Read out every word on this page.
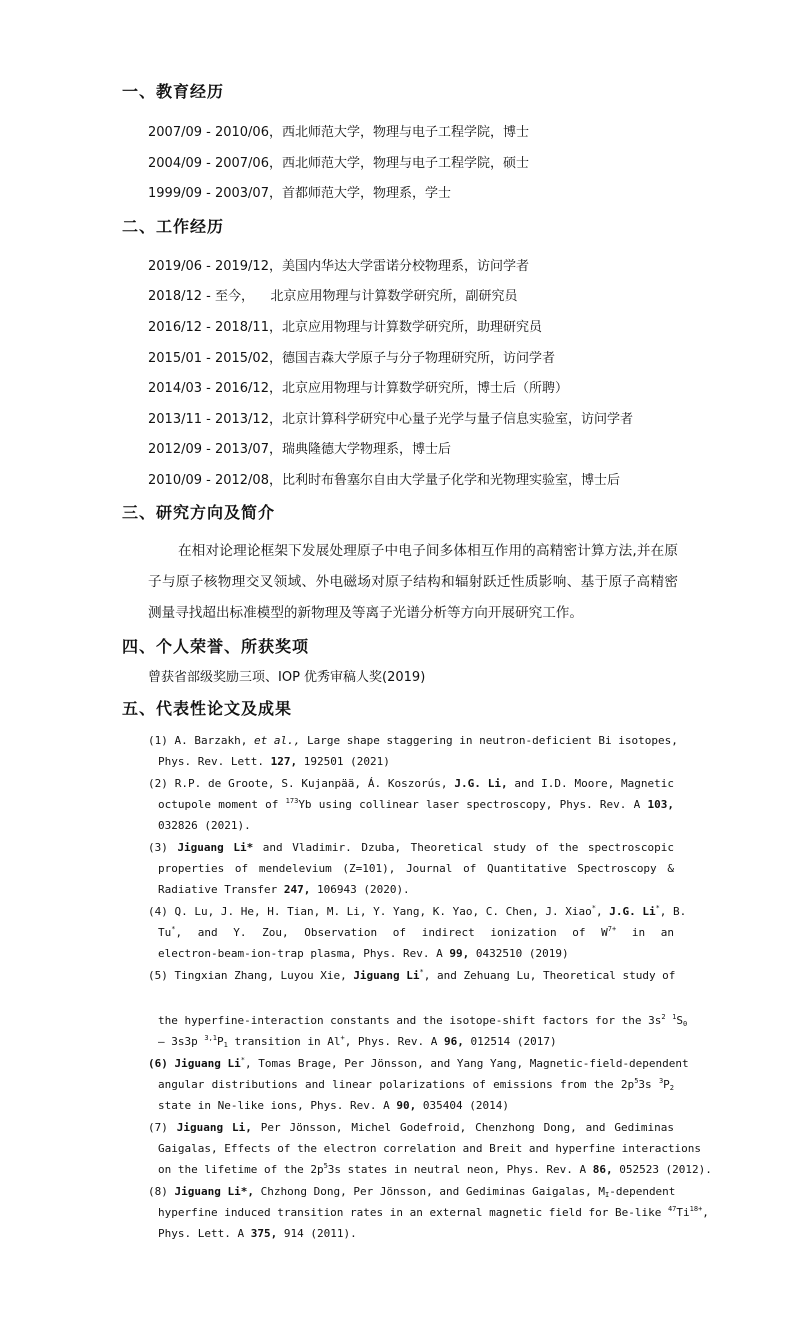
一、教育经历
2007/09 - 2010/06，西北师范大学，物理与电子工程学院，博士
2004/09 - 2007/06，西北师范大学，物理与电子工程学院，硕士
1999/09 - 2003/07，首都师范大学，物理系，学士
二、工作经历
2019/06 - 2019/12，美国内华达大学雷诺分校物理系，访问学者
2018/12 - 至今，    北京应用物理与计算数学研究所，副研究员
2016/12 - 2018/11，北京应用物理与计算数学研究所，助理研究员
2015/01 - 2015/02，德国吉森大学原子与分子物理研究所，访问学者
2014/03 - 2016/12，北京应用物理与计算数学研究所，博士后（所聘）
2013/11 - 2013/12，北京计算科学研究中心量子光学与量子信息实验室，访问学者
2012/09 - 2013/07，瑞典隆德大学物理系，博士后
2010/09 - 2012/08，比利时布鲁塞尔自由大学量子化学和光物理实验室，博士后
三、研究方向及简介
在相对论理论框架下发展处理原子中电子间多体相互作用的高精密计算方法,并在原子与原子核物理交叉领域、外电磁场对原子结构和辐射跃迁性质影响、基于原子高精密测量寻找超出标准模型的新物理及等离子光谱分析等方向开展研究工作。
四、个人荣誉、所获奖项
曾获省部级奖励三项、IOP 优秀审稿人奖(2019)
五、代表性论文及成果
(1) A. Barzakh, et al., Large shape staggering in neutron-deficient Bi isotopes,
Phys. Rev. Lett. 127, 192501 (2021)
(2) R.P. de Groote, S. Kujanpää, Á. Koszorús, J.G. Li, and I.D. Moore, Magnetic
octupole moment of $^{173}$Yb using collinear laser spectroscopy, Phys. Rev. A 103,
032826 (2021).
(3) Jiguang Li* and Vladimir. Dzuba, Theoretical study of the spectroscopic
properties of mendelevium (Z=101), Journal of Quantitative Spectroscopy &
Radiative Transfer 247, 106943 (2020).
(4) Q. Lu, J. He, H. Tian, M. Li, Y. Yang, K. Yao, C. Chen, J. Xiao*, J.G. Li*, B.
Tu*, and Y. Zou, Observation of indirect ionization of $W^{7+}$ in an
electron-beam-ion-trap plasma, Phys. Rev. A 99, 0432510 (2019)
(5) Tingxian Zhang, Luyou Xie, Jiguang Li*, and Zehuang Lu, Theoretical study of
the hyperfine-interaction constants and the isotope-shift factors for the $3s^2$ $^1S_0$
– 3s3p $^{3,1}P_1$ transition in Al+, Phys. Rev. A 96, 012514 (2017)
(6) Jiguang Li*, Tomas Brage, Per Jönsson, and Yang Yang, Magnetic-field-dependent
angular distributions and linear polarizations of emissions from the $2p^53s$ $^3P_2$
state in Ne-like ions, Phys. Rev. A 90, 035404 (2014)
(7) Jiguang Li, Per Jönsson, Michel Godefroid, Chenzhong Dong, and Gediminas
Gaigalas, Effects of the electron correlation and Breit and hyperfine interactions
on the lifetime of the $2p^53s$ states in neutral neon, Phys. Rev. A 86, 052523 (2012).
(8) Jiguang Li*, Chzhong Dong, Per Jönsson, and Gediminas Gaigalas, $M_I$-dependent
hyperfine induced transition rates in an external magnetic field for Be-like $^{47}Ti^{18+}$,
Phys. Lett. A 375, 914 (2011).
